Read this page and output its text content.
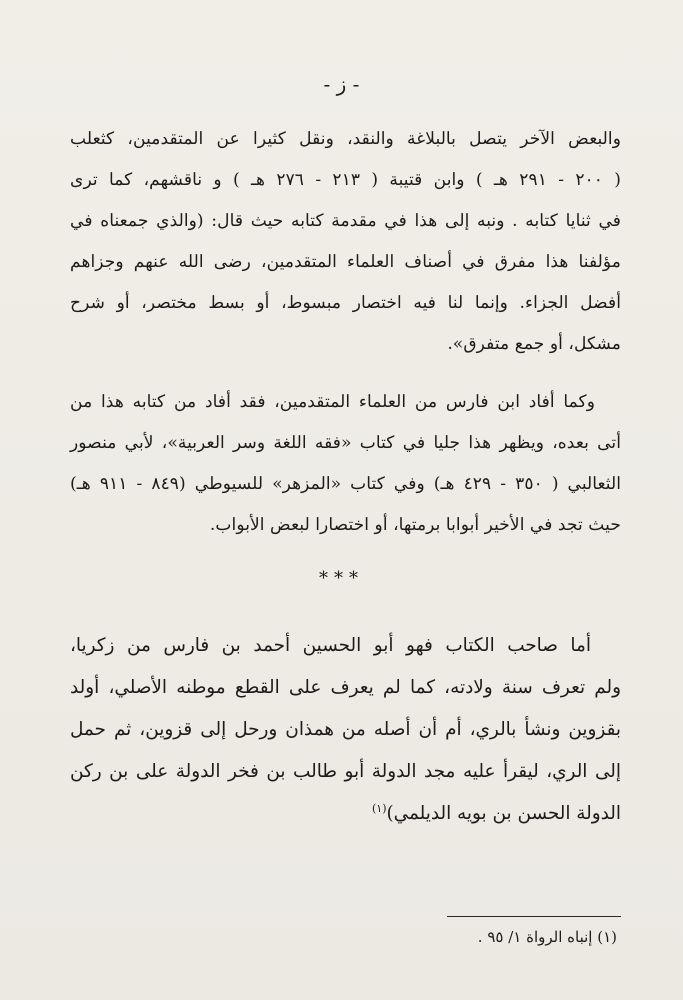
- ز -
والبعض الآخر يتصل بالبلاغة والنقد، ونقل كثيرا عن المتقدمين، كثعلب
( ٢٠٠ - ٢٩١ هـ ) وابن قتيبة ( ٢١٣ - ٢٧٦ هـ ) و ناقشهم، كما ترى
في ثنايا كتابه . ونبه إلى هذا في مقدمة كتابه حيث قال: (والذي جمعناه في
مؤلفنا هذا مفرق في أصناف العلماء المتقدمين، رضى الله عنهم وجزاهم
أفضل الجزاء. وإنما لنا فيه اختصار مبسوط، أو بسط مختصر، أو شرح
مشكل، أو جمع متفرق».
وكما أفاد ابن فارس من العلماء المتقدمين، فقد أفاد من كتابه هذا من
أتى بعده، ويظهر هذا جليا في كتاب «فقه اللغة وسر العربية»، لأبي منصور
الثعالبي ( ٣٥٠ - ٤٢٩ هـ) وفي كتاب «المزهر» للسيوطي (٨٤٩ - ٩١١ هـ)
حيث تجد في الأخير أبوابا برمتها، أو اختصارا لبعض الأبواب.
***
أما صاحب الكتاب فهو أبو الحسين أحمد بن فارس من زكريا،
ولم تعرف سنة ولادته، كما لم يعرف على القطع موطنه الأصلي، أولد
بقزوين ونشأ بالري، أم أن أصله من همذان ورحل إلى قزوين، ثم حمل
إلى الري، ليقرأ عليه مجد الدولة أبو طالب بن فخر الدولة على بن ركن
الدولة الحسن بن بويه الديلمي)$^{(١)}$
(١) إنباه الرواة ١/ ٩٥ .
